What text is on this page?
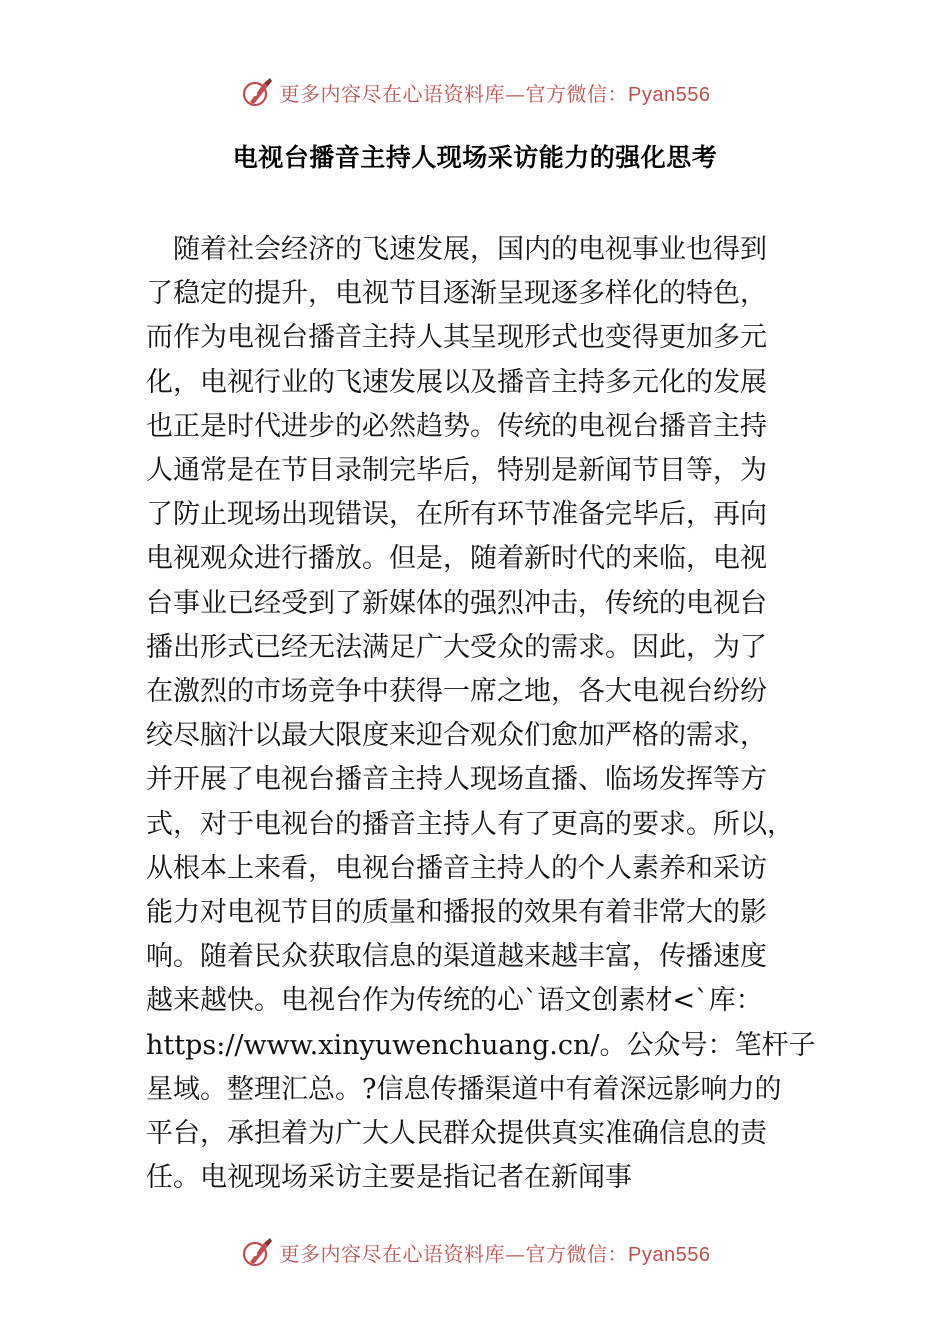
更多内容尽在心语资料库—官方微信：Pyan556
电视台播音主持人现场采访能力的强化思考
　随着社会经济的飞速发展，国内的电视事业也得到
了稳定的提升，电视节目逐渐呈现逐多样化的特色，
而作为电视台播音主持人其呈现形式也变得更加多元
化，电视行业的飞速发展以及播音主持多元化的发展
也正是时代进步的必然趋势。传统的电视台播音主持
人通常是在节目录制完毕后，特别是新闻节目等，为
了防止现场出现错误，在所有环节准备完毕后，再向
电视观众进行播放。但是，随着新时代的来临，电视
台事业已经受到了新媒体的强烈冲击，传统的电视台
播出形式已经无法满足广大受众的需求。因此，为了
在激烈的市场竞争中获得一席之地，各大电视台纷纷
绞尽脑汁以最大限度来迎合观众们愈加严格的需求，
并开展了电视台播音主持人现场直播、临场发挥等方
式，对于电视台的播音主持人有了更高的要求。所以，
从根本上来看，电视台播音主持人的个人素养和采访
能力对电视节目的质量和播报的效果有着非常大的影
响。随着民众获取信息的渠道越来越丰富，传播速度
越来越快。电视台作为传统的心`语文创素材<`库：
https://www.xinyuwenchuang.cn/。公众号：笔杆子
星域。整理汇总。?信息传播渠道中有着深远影响力的
平台，承担着为广大人民群众提供真实准确信息的责
任。电视现场采访主要是指记者在新闻事
更多内容尽在心语资料库—官方微信：Pyan556
